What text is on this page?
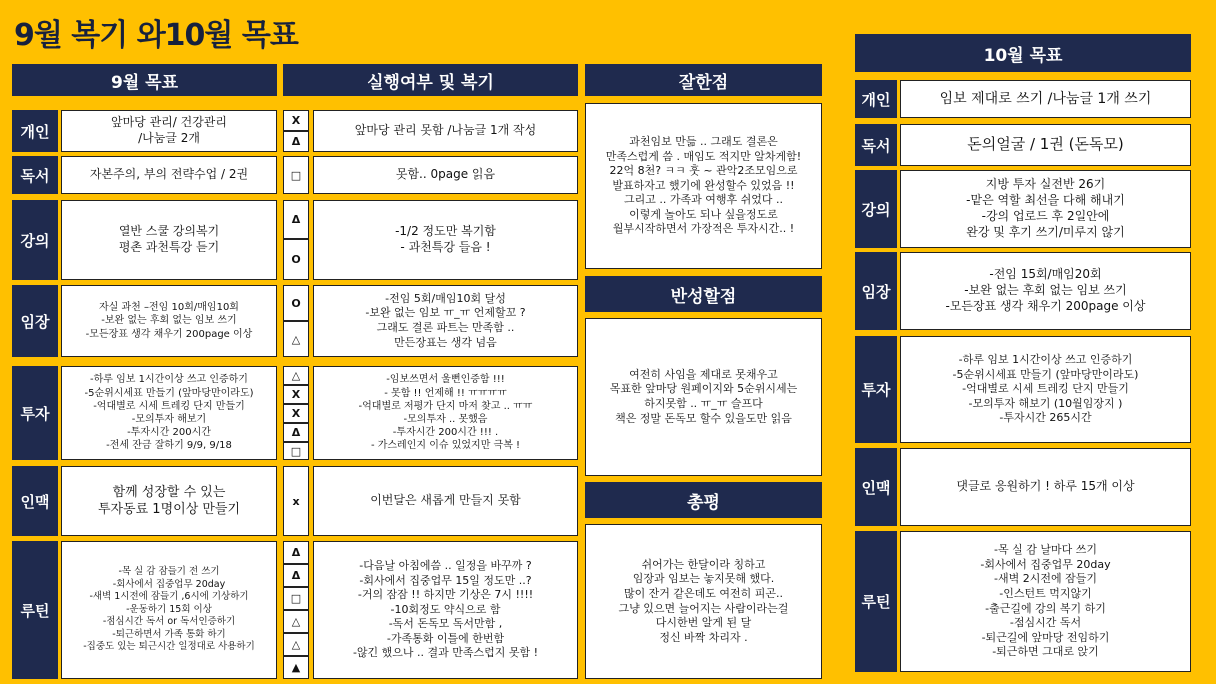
9월 복기 와10월 목표
9월 목표	실행여부 및 복기	잘한점
반성할점
총평
10월 목표
개인
독서
강의
임장
투자
인맥
루틴
앞마당 관리/ 건강관리
/나눔글 2개
자본주의, 부의 전략수업 / 2권
열반 스쿨 강의복기
평촌 과천특강 듣기
자실 과천 –전임 10회/매임10회
-보완 없는 후회 없는 임보 쓰기
-모든장표 생각 채우기 200page 이상
-하루 임보 1시간이상 쓰고 인증하기
-5순위시세표 만들기 (앞마당만이라도)
-억대별로 시세 트레킹 단지 만들기
-모의투자 해보기
-투자시간 200시간
-전세 잔금 잘하기 9/9, 9/18
함께 성장할 수 있는
투자동료 1명이상 만들기
-목 실 감 잠들기 전 쓰기
-회사에서 집중업무 20day
-새벽 1시전에 잠들기 ,6시에 기상하기
-운동하기 15회 이상
-점심시간 독서 or 독서인증하기
-퇴근하면서 가족 통화 하기
-집중도 있는 퇴근시간 일정대로 사용하기
X
Δ
□
Δ
O
O
△
△
X
X
Δ
□
x
Δ
Δ
□
△
△
▲
앞마당 관리 못함 /나눔글 1개 작성
못함.. 0page 읽음
-1/2 정도만 복기함
- 과천특강 들음 !
-전임 5회/매임10회 달성
-보완 없는 임보 ㅠ_ㅠ 언제할꼬 ?
그래도 결론 파트는 만족함 ..
만든장표는 생각 넘음
-임보쓰면서 울뻔인증함 !!!
- 못함 !! 언제해 !! ㅠㅠㅠㅠ
-억대별로 저평가 단지 마저 찾고 .. ㅠㅠ
-모의투자 .. 못했음
-투자시간 200시간 !!! .
- 가스레인지 이슈 있었지만 극복 !
이번달은 새롭게 만들지 못함
-다음날 아침에씀 .. 일정을 바꾸까 ?
-회사에서 집중업무 15일 정도만 ..?
-거의 잠잠 !! 하지만 기상은 7시 !!!!
-10회정도 약식으로 함
-독서 돈독모 독서만함 ,
-가족통화 이틀에 한번함
-않긴 했으나 .. 결과 만족스럽지 못함 !
과천임보 만듦 .. 그래도 결론은
만족스럽게 씀 . 매임도 적지만 알차게함!
22억 8천? ㅋㅋ 훗 ~ 관악2조모임으로
발표하자고 했기에 완성할수 있었음 !!
그리고 .. 가족과 여행후 쉬었다 ..
이렇게 놀아도 되나 싶을정도로
월부시작하면서 가장적은 투자시간.. !
여전히 사임을 제대로 못채우고
목표한 앞마당 원페이지와 5순위시세는
하지못함 .. ㅠ_ㅠ 슬프다
책은 정말 돈독모 할수 있을도만 읽음
쉬어가는 한달이라 칭하고
임장과 임보는 놓지못해 했다.
많이 잔거 같은데도 여전히 피곤..
그냥 있으면 늘어지는 사람이라는걸
다시한번 알게 된 달
정신 바짝 차리자 .
개인
독서
강의
임장
투자
인맥
루틴
임보 제대로 쓰기 /나눔글 1개 쓰기
돈의얼굴 / 1권 (돈독모)
지방 투자 실전반 26기
-맡은 역할 최선을 다해 해내기
-강의 업로드 후 2일안에
완강 및 후기 쓰기/미루지 않기
-전임 15회/매임20회
-보완 없는 후회 없는 임보 쓰기
-모든장표 생각 채우기 200page 이상
-하루 임보 1시간이상 쓰고 인증하기
-5순위시세표 만들기 (앞마당만이라도)
-억대별로 시세 트레킹 단지 만들기
-모의투자 해보기 (10월임장지 )
-투자시간 265시간
댓글로 응원하기 ! 하루 15개 이상
-목 실 감 날마다 쓰기
-회사에서 집중업무 20day
-새벽 2시전에 잠들기
-인스턴트 먹지않기
-출근길에 강의 복기 하기
-점심시간 독서
-퇴근길에 앞마당 전임하기
-퇴근하면 그대로 앉기
